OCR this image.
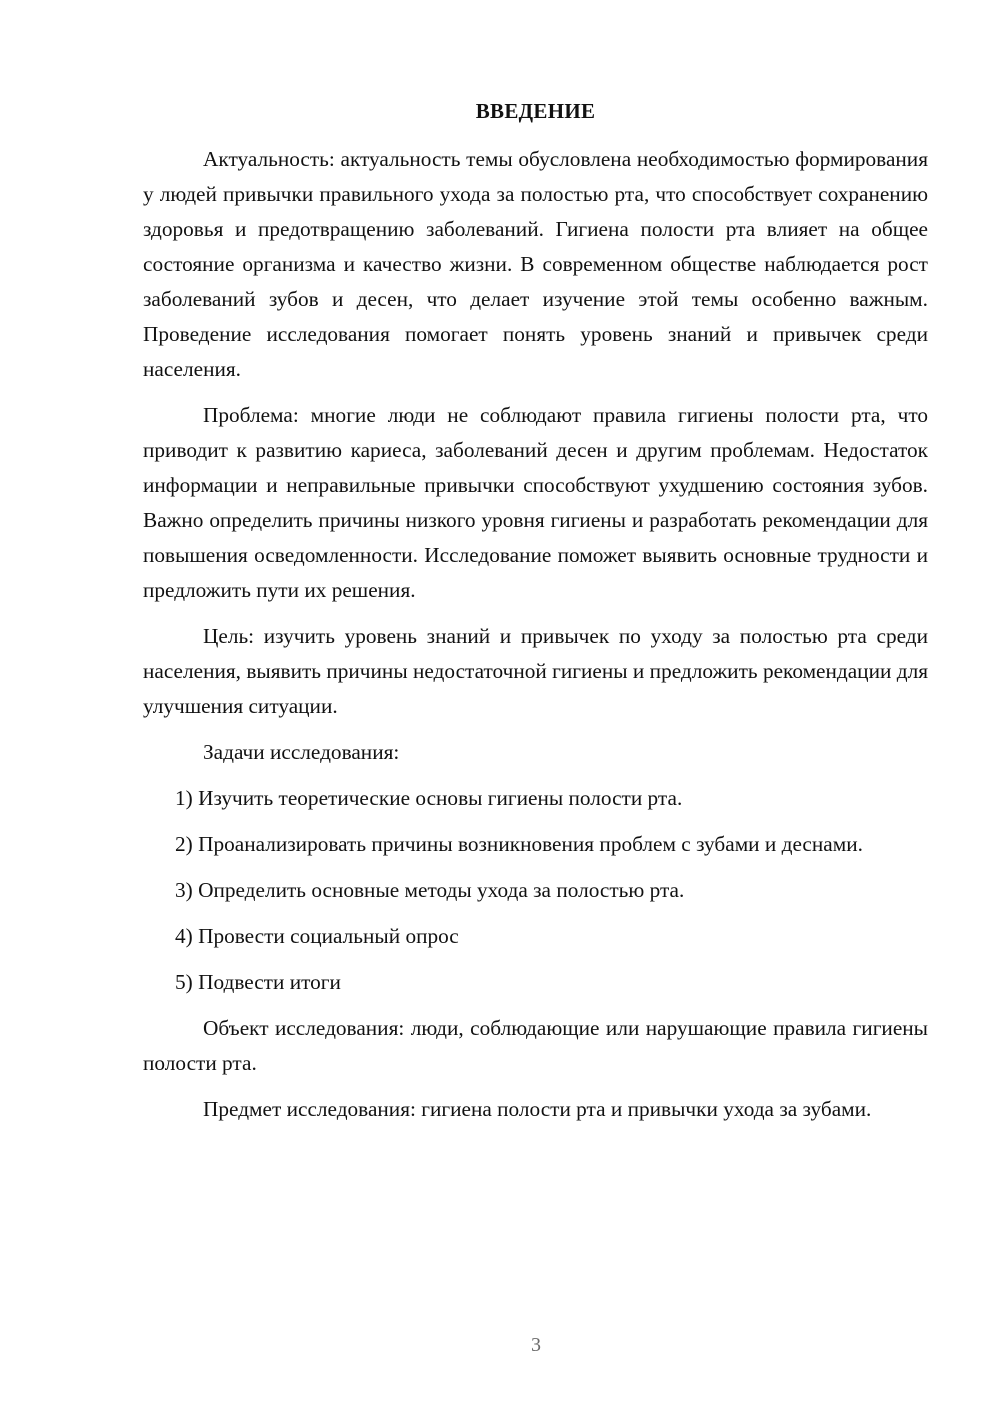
ВВЕДЕНИЕ

Актуальность: актуальность темы обусловлена необходимостью формирования у людей привычки правильного ухода за полостью рта, что способствует сохранению здоровья и предотвращению заболеваний. Гигиена полости рта влияет на общее состояние организма и качество жизни. В современном обществе наблюдается рост заболеваний зубов и десен, что делает изучение этой темы особенно важным. Проведение исследования помогает понять уровень знаний и привычек среди населения.

Проблема: многие люди не соблюдают правила гигиены полости рта, что приводит к развитию кариеса, заболеваний десен и другим проблемам. Недостаток информации и неправильные привычки способствуют ухудшению состояния зубов. Важно определить причины низкого уровня гигиены и разработать рекомендации для повышения осведомленности. Исследование поможет выявить основные трудности и предложить пути их решения.

Цель: изучить уровень знаний и привычек по уходу за полостью рта среди населения, выявить причины недостаточной гигиены и предложить рекомендации для улучшения ситуации.

Задачи исследования:

1) Изучить теоретические основы гигиены полости рта.

2) Проанализировать причины возникновения проблем с зубами и деснами.

3) Определить основные методы ухода за полостью рта.

4) Провести социальный опрос

5) Подвести итоги

Объект исследования: люди, соблюдающие или нарушающие правила гигиены полости рта.

Предмет исследования: гигиена полости рта и привычки ухода за зубами.

3
